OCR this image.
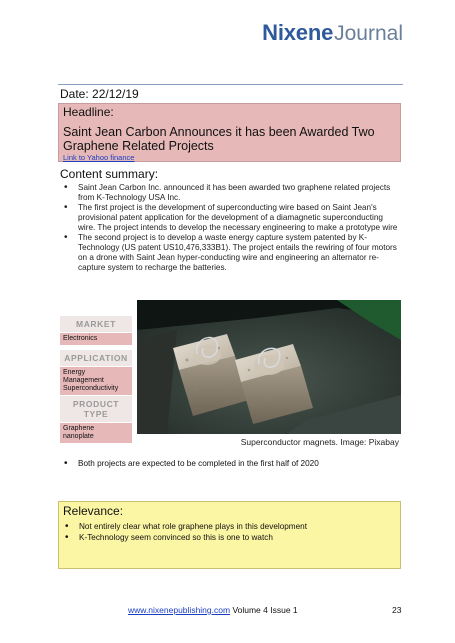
NixeneJournal
Date: 22/12/19
Headline:
Saint Jean Carbon Announces it has been Awarded Two Graphene Related Projects
Link to Yahoo finance
Content summary:
• Saint Jean Carbon Inc. announced it has been awarded two graphene related projects from K-Technology USA Inc.
• The first project is the development of superconducting wire based on Saint Jean's provisional patent application for the development of a diamagnetic superconducting wire. The project intends to develop the necessary engineering to make a prototype wire
• The second project is to develop a waste energy capture system patented by K-Technology (US patent US10,476,333B1). The project entails the rewiring of four motors on a drone with Saint Jean hyper-conducting wire and engineering an alternator re-capture system to recharge the batteries.
MARKET
Electronics
APPLICATION
Energy
Management
Superconductivity
PRODUCT TYPE
Graphene
nanoplate
Superconductor magnets. Image: Pixabay
• Both projects are expected to be completed in the first half of 2020
Relevance:
• Not entirely clear what role graphene plays in this development
• K-Technology seem convinced so this is one to watch
www.nixenepublishing.com Volume 4 Issue 1	23
